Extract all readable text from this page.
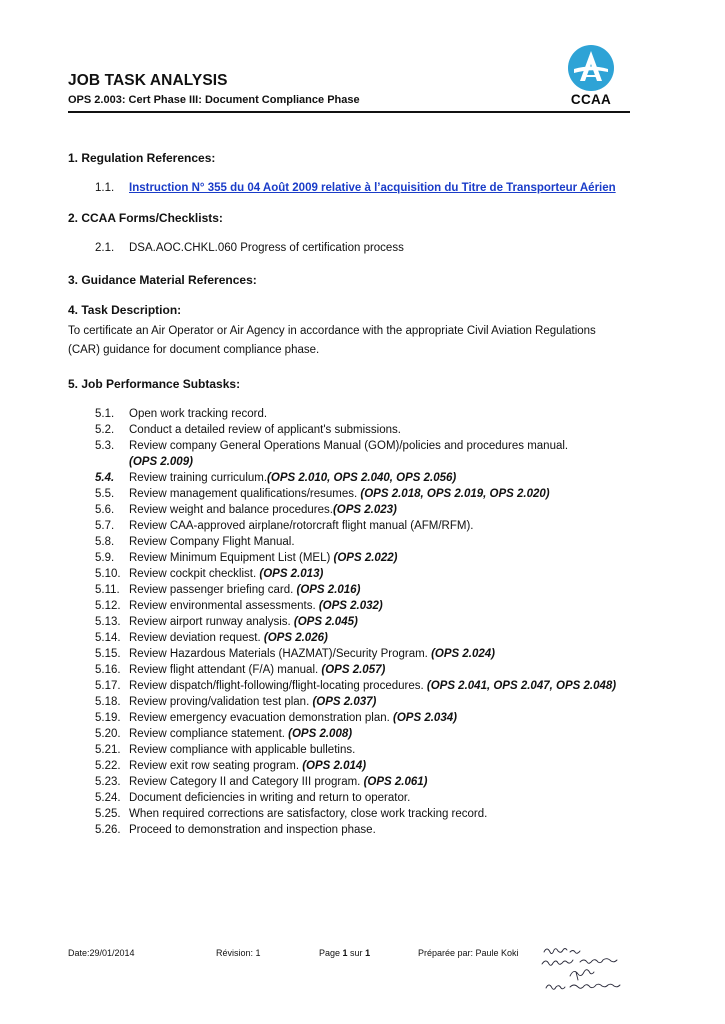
JOB TASK ANALYSIS
OPS 2.003: Cert Phase III: Document Compliance Phase	CCAA

1. Regulation References:

1.1. Instruction N° 355 du 04 Août 2009 relative à l’acquisition du Titre de Transporteur Aérien

2. CCAA Forms/Checklists:

2.1. DSA.AOC.CHKL.060 Progress of certification process

3. Guidance Material References:

4. Task Description:

To certificate an Air Operator or Air Agency in accordance with the appropriate Civil Aviation Regulations
(CAR) guidance for document compliance phase.

5. Job Performance Subtasks:

5.1. Open work tracking record.
5.2. Conduct a detailed review of applicant's submissions.
5.3. Review company General Operations Manual (GOM)/policies and procedures manual.
(OPS 2.009)
5.4. Review training curriculum.(OPS 2.010, OPS 2.040, OPS 2.056)
5.5. Review management qualifications/resumes. (OPS 2.018, OPS 2.019, OPS 2.020)
5.6. Review weight and balance procedures.(OPS 2.023)
5.7. Review CAA-approved airplane/rotorcraft flight manual (AFM/RFM).
5.8. Review Company Flight Manual.
5.9. Review Minimum Equipment List (MEL) (OPS 2.022)
5.10. Review cockpit checklist. (OPS 2.013)
5.11. Review passenger briefing card. (OPS 2.016)
5.12. Review environmental assessments. (OPS 2.032)
5.13. Review airport runway analysis. (OPS 2.045)
5.14. Review deviation request. (OPS 2.026)
5.15. Review Hazardous Materials (HAZMAT)/Security Program. (OPS 2.024)
5.16. Review flight attendant (F/A) manual. (OPS 2.057)
5.17. Review dispatch/flight-following/flight-locating procedures. (OPS 2.041, OPS 2.047, OPS 2.048)
5.18. Review proving/validation test plan. (OPS 2.037)
5.19. Review emergency evacuation demonstration plan. (OPS 2.034)
5.20. Review compliance statement. (OPS 2.008)
5.21. Review compliance with applicable bulletins.
5.22. Review exit row seating program. (OPS 2.014)
5.23. Review Category II and Category III program. (OPS 2.061)
5.24. Document deficiencies in writing and return to operator.
5.25. When required corrections are satisfactory, close work tracking record.
5.26. Proceed to demonstration and inspection phase.
Date:29/01/2014	Révision: 1	Page 1 sur 1	Préparée par: Paule Koki
